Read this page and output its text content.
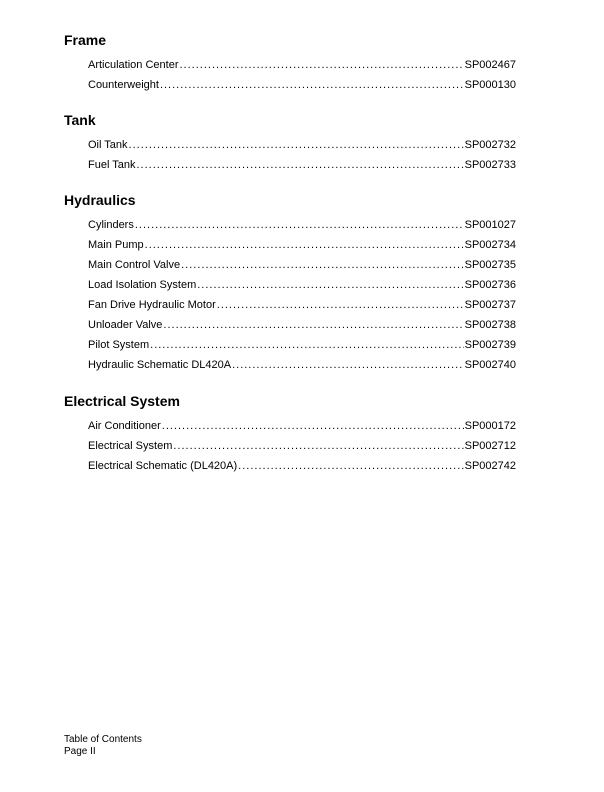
Frame
Articulation Center .....	SP002467
Counterweight .....	SP000130
Tank
Oil Tank .....	SP002732
Fuel Tank .....	SP002733
Hydraulics
Cylinders .....	SP001027
Main Pump .....	SP002734
Main Control Valve .....	SP002735
Load Isolation System .....	SP002736
Fan Drive Hydraulic Motor .....	SP002737
Unloader Valve .....	SP002738
Pilot System .....	SP002739
Hydraulic Schematic DL420A .....	SP002740
Electrical System
Air Conditioner .....	SP000172
Electrical System .....	SP002712
Electrical Schematic (DL420A) .....	SP002742
Table of Contents
Page II
